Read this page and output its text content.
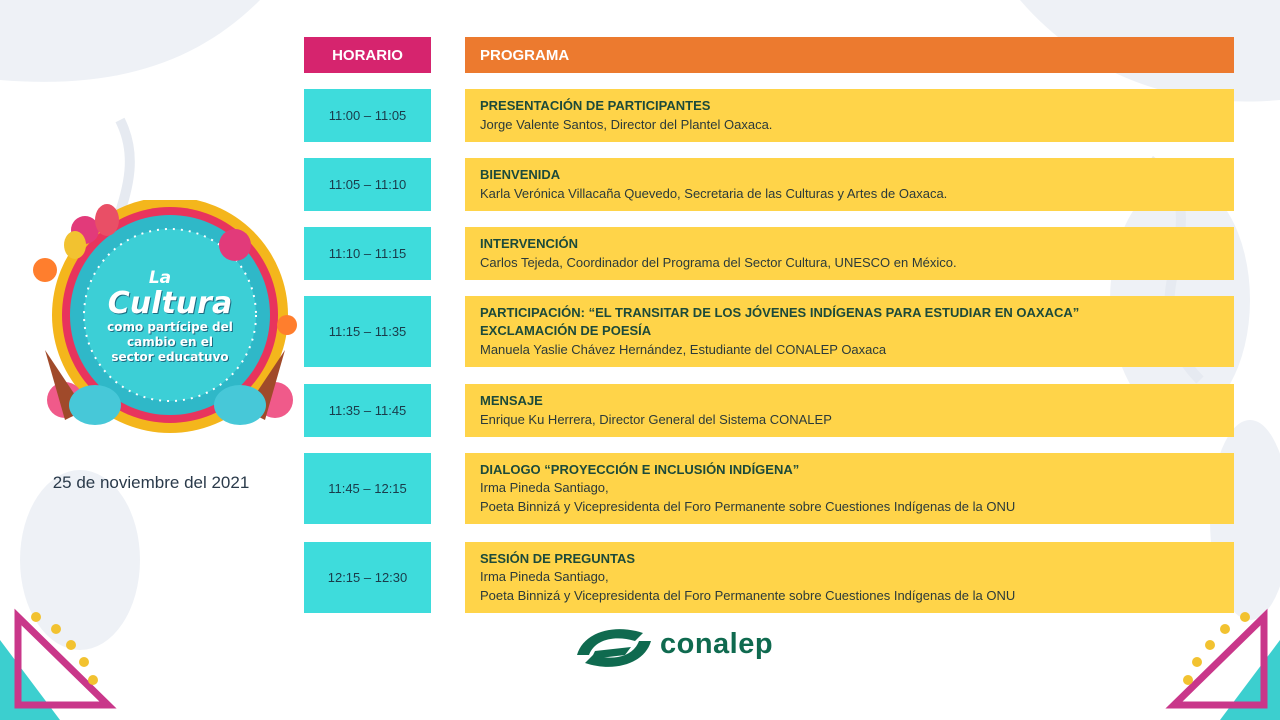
La
Cultura
como partícipe del
cambio en el
sector educatuvo
25 de noviembre del 2021
HORARIO	PROGRAMA
11:00 – 11:05
PRESENTACIÓN DE PARTICIPANTES
Jorge Valente Santos, Director del Plantel Oaxaca.
11:05 – 11:10
BIENVENIDA
Karla Verónica Villacaña Quevedo, Secretaria de las Culturas y Artes de Oaxaca.
11:10 – 11:15
INTERVENCIÓN
Carlos Tejeda, Coordinador del Programa del Sector Cultura, UNESCO en México.
11:15 – 11:35
PARTICIPACIÓN: “EL TRANSITAR DE LOS JÓVENES INDÍGENAS PARA ESTUDIAR EN OAXACA”
EXCLAMACIÓN DE POESÍA
Manuela Yaslie Chávez Hernández, Estudiante del CONALEP Oaxaca
11:35 – 11:45
MENSAJE
Enrique Ku Herrera, Director General del Sistema CONALEP
11:45 – 12:15
DIALOGO “PROYECCIÓN E INCLUSIÓN INDÍGENA”
Irma Pineda Santiago,
Poeta Binnizá y Vicepresidenta del Foro Permanente sobre Cuestiones Indígenas de la ONU
12:15 – 12:30
SESIÓN DE PREGUNTAS
Irma Pineda Santiago,
Poeta Binnizá y Vicepresidenta del Foro Permanente sobre Cuestiones Indígenas de la ONU
conalep
